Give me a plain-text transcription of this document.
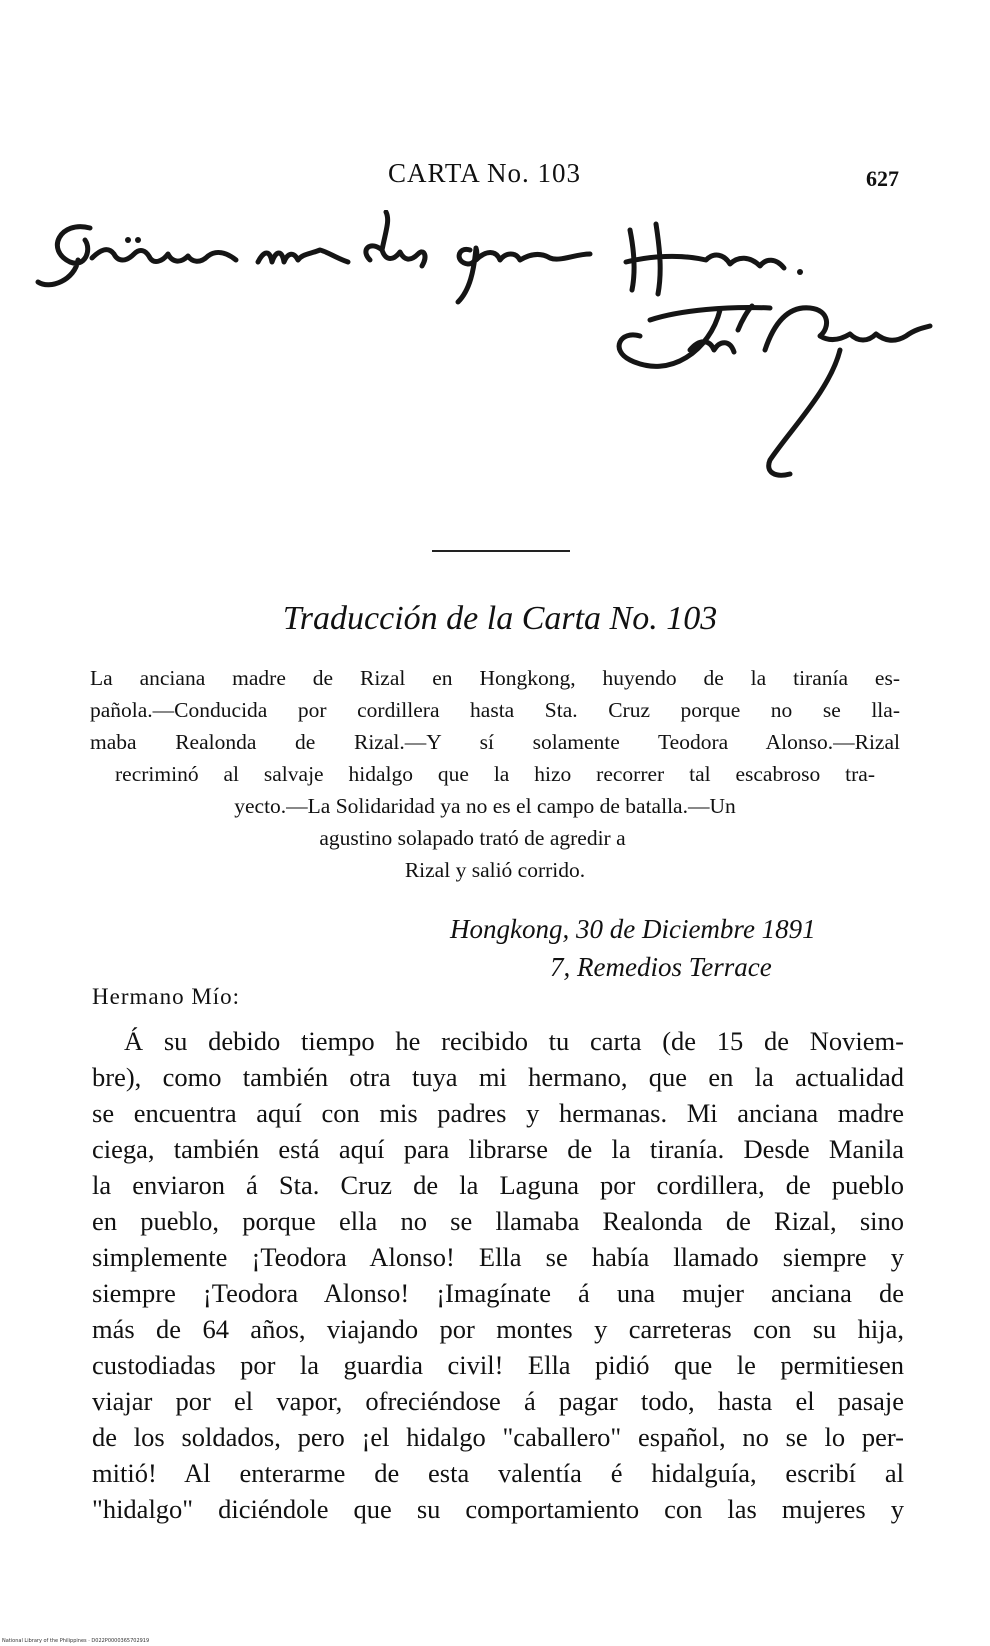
CARTA No. 103	627
Traducción de la Carta No. 103
La anciana madre de Rizal en Hongkong, huyendo de la tiranía es-
pañola.—Conducida por cordillera hasta Sta. Cruz porque no se lla-
maba Realonda de Rizal.—Y sí solamente Teodora Alonso.—Rizal
recriminó al salvaje hidalgo que la hizo recorrer tal escabroso tra-
yecto.—La Solidaridad ya no es el campo de batalla.—Un
agustino solapado trató de agredir a
Rizal y salió corrido.
Hongkong, 30 de Diciembre 1891
7, Remedios Terrace
Hermano Mío:
Á su debido tiempo he recibido tu carta (de 15 de Noviem-
bre), como también otra tuya mi hermano, que en la actualidad
se encuentra aquí con mis padres y hermanas. Mi anciana madre
ciega, también está aquí para librarse de la tiranía. Desde Manila
la enviaron á Sta. Cruz de la Laguna por cordillera, de pueblo
en pueblo, porque ella no se llamaba Realonda de Rizal, sino
simplemente ¡Teodora Alonso! Ella se había llamado siempre y
siempre ¡Teodora Alonso! ¡Imagínate á una mujer anciana de
más de 64 años, viajando por montes y carreteras con su hija,
custodiadas por la guardia civil! Ella pidió que le permitiesen
viajar por el vapor, ofreciéndose á pagar todo, hasta el pasaje
de los soldados, pero ¡el hidalgo "caballero" español, no se lo per-
mitió! Al enterarme de esta valentía é hidalguía, escribí al
"hidalgo" diciéndole que su comportamiento con las mujeres y
National Library of the Philippines · D022P0000365702919
